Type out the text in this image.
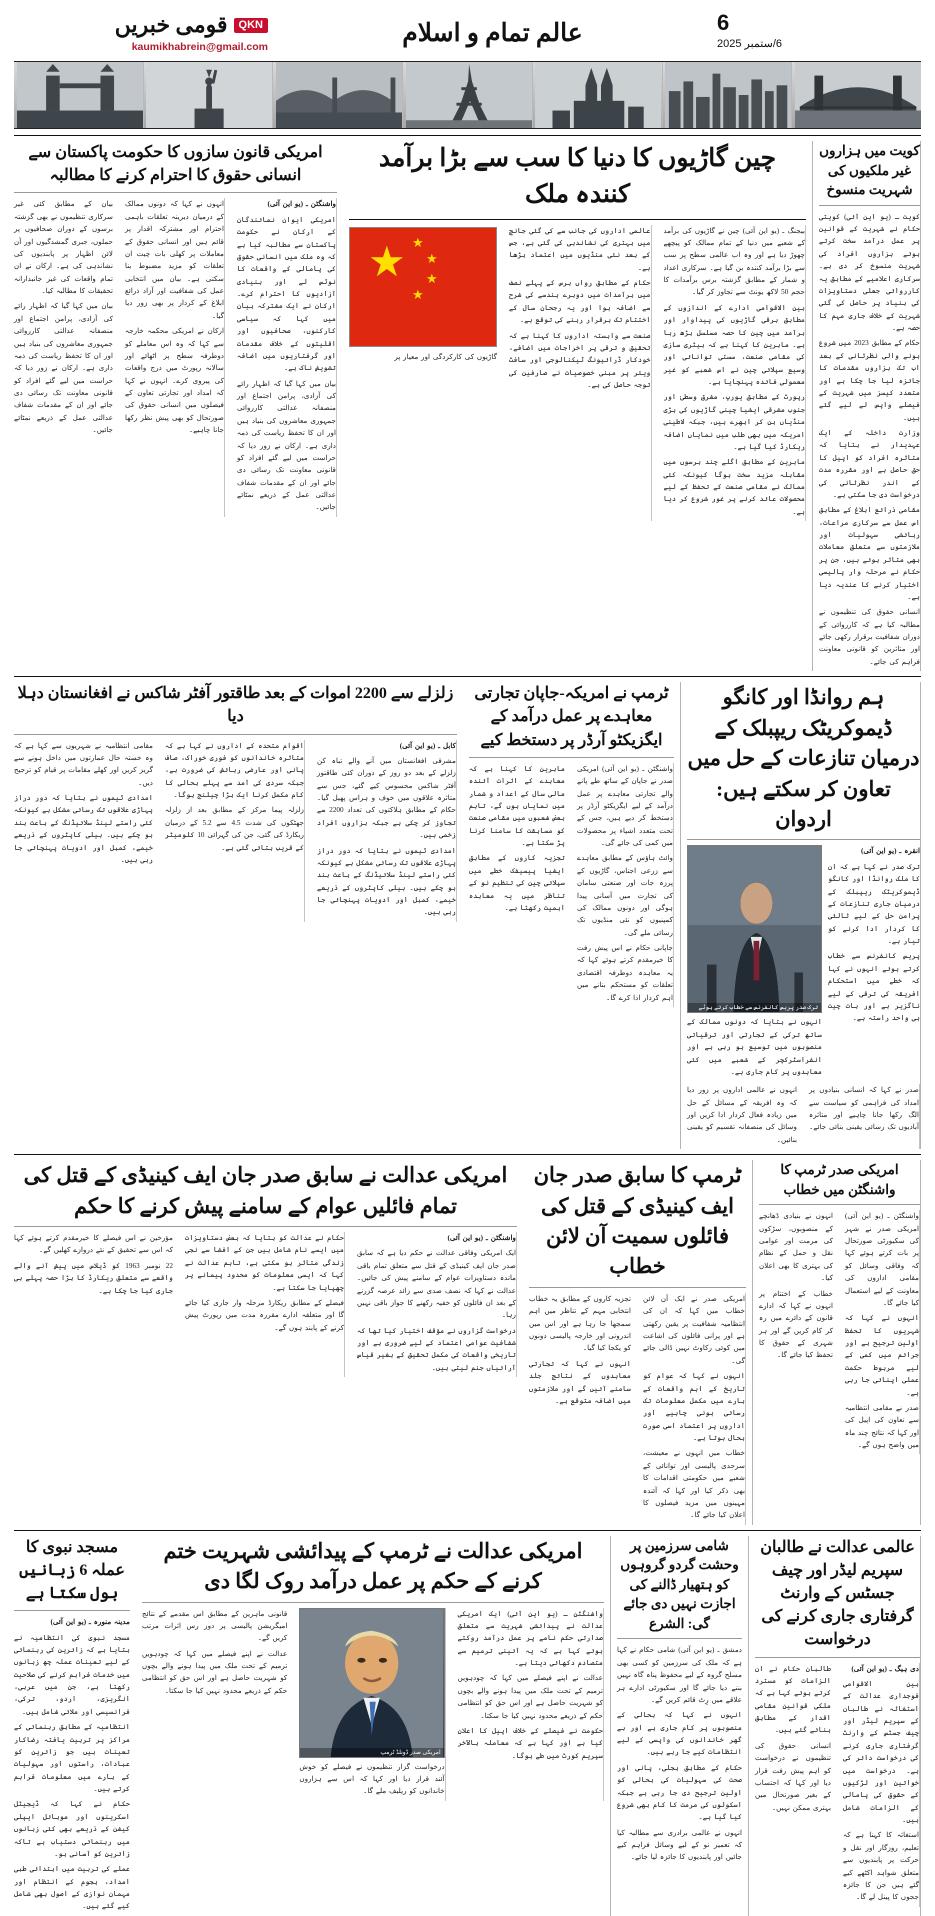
6
6/ستمبر 2025
عالم تمام و اسلام
QKN
قومی خبریں
kaumikhabrein@gmail.com
کویت میں ہزاروں غیر ملکیوں کی شہریت منسوخ

کویت ـ (یو این آئی) کویتی حکام نے شہریت کے قوانین پر عمل درآمد سخت کرتے ہوئے ہزاروں افراد کی شہریت منسوخ کر دی ہے۔ سرکاری اعلامیے کے مطابق یہ کارروائی جعلی دستاویزات کی بنیاد پر حاصل کی گئی شہریت کے خلاف جاری مہم کا حصہ ہے۔

حکام کے مطابق 2023 میں شروع ہونے والی نظرثانی کے بعد اب تک ہزاروں مقدمات کا جائزہ لیا جا چکا ہے اور متعدد کیسز میں شہریت کے فیصلے واپس لے لیے گئے ہیں۔

وزارت داخلہ کے ایک عہدیدار نے بتایا کہ متاثرہ افراد کو اپیل کا حق حاصل ہے اور مقررہ مدت کے اندر نظرثانی کی درخواست دی جا سکتی ہے۔

مقامی ذرائع ابلاغ کے مطابق اس عمل سے سرکاری مراعات، رہائشی سہولیات اور ملازمتوں سے متعلق معاملات بھی متاثر ہوئے ہیں، جن پر حکام نے مرحلہ وار پالیسی اختیار کرنے کا عندیہ دیا ہے۔

انسانی حقوق کی تنظیموں نے مطالبہ کیا ہے کہ کارروائی کے دوران شفافیت برقرار رکھی جائے اور متاثرین کو قانونی معاونت فراہم کی جائے۔

چین گاڑیوں کا دنیا کا سب سے بڑا برآمد کنندہ ملک

بیجنگ ـ (یو این آئی) چین نے گاڑیوں کی برآمد کے شعبے میں دنیا کے تمام ممالک کو پیچھے چھوڑ دیا ہے اور وہ اب عالمی سطح پر سب سے بڑا برآمد کنندہ بن گیا ہے۔ سرکاری اعداد و شمار کے مطابق گزشتہ برس برآمدات کا حجم 50 لاکھ یونٹ سے تجاوز کر گیا۔

بین الاقوامی ادارے کے اندازوں کے مطابق برقی گاڑیوں کی پیداوار اور برآمد میں چین کا حصہ مسلسل بڑھ رہا ہے۔ ماہرین کا کہنا ہے کہ بیٹری سازی کی مقامی صنعت، سستی توانائی اور وسیع سپلائی چین نے اس شعبے کو غیر معمولی فائدہ پہنچایا ہے۔

رپورٹ کے مطابق یورپ، مشرق وسطیٰ اور جنوب مشرقی ایشیا چینی گاڑیوں کی بڑی منڈیاں بن کر ابھرے ہیں، جبکہ لاطینی امریکہ میں بھی طلب میں نمایاں اضافہ ریکارڈ کیا گیا ہے۔

ماہرین کے مطابق اگلے چند برسوں میں مقابلہ مزید سخت ہوگا کیونکہ کئی ممالک نے مقامی صنعت کے تحفظ کے لیے محصولات عائد کرنے پر غور شروع کر دیا ہے۔

عالمی اداروں کی جانب سے کی گئی جانچ میں بہتری کی نشاندہی کی گئی ہے، جس کے بعد نئی منڈیوں میں اعتماد بڑھا ہے۔

حکام کے مطابق رواں برس کے پہلے نصف میں برآمدات میں دوہرے ہندسے کی شرح سے اضافہ ہوا اور یہ رجحان سال کے اختتام تک برقرار رہنے کی توقع ہے۔

صنعت سے وابستہ اداروں کا کہنا ہے کہ تحقیق و ترقی پر اخراجات میں اضافے، خودکار ڈرائیونگ ٹیکنالوجی اور سافٹ ویئر پر مبنی خصوصیات نے صارفین کی توجہ حاصل کی ہے۔

★ ★
★
★
★

گاڑیوں کی کارکردگی اور معیار پر

امریکی قانون سازوں کا حکومت پاکستان سے انسانی حقوق کا احترام کرنے کا مطالبہ

واشنگٹن ـ (یو این آئی)

امریکی ایوان نمائندگان کے ارکان نے حکومت پاکستان سے مطالبہ کیا ہے کہ وہ ملک میں انسانی حقوق کی پامالی کے واقعات کا نوٹس لے اور بنیادی آزادیوں کا احترام کرے۔ ارکان نے ایک مشترکہ بیان میں کہا کہ سیاسی کارکنوں، صحافیوں اور اقلیتوں کے خلاف مقدمات اور گرفتاریوں میں اضافہ تشویش ناک ہے۔

بیان میں کہا گیا کہ اظہار رائے کی آزادی، پرامن اجتماع اور منصفانہ عدالتی کارروائی جمہوری معاشروں کی بنیاد ہیں اور ان کا تحفظ ریاست کی ذمہ داری ہے۔ ارکان نے زور دیا کہ حراست میں لیے گئے افراد کو قانونی معاونت تک رسائی دی جائے اور ان کے مقدمات شفاف عدالتی عمل کے ذریعے نمٹائے جائیں۔

انہوں نے کہا کہ دونوں ممالک کے درمیان دیرینہ تعلقات باہمی احترام اور مشترکہ اقدار پر قائم ہیں اور انسانی حقوق کے معاملات پر کھلی بات چیت ان تعلقات کو مزید مضبوط بنا سکتی ہے۔ بیان میں انتخابی عمل کی شفافیت اور آزاد ذرائع ابلاغ کے کردار پر بھی زور دیا گیا۔

ارکان نے امریکی محکمہ خارجہ سے کہا کہ وہ اس معاملے کو دوطرفہ سطح پر اٹھائے اور سالانہ رپورٹ میں درج واقعات کی پیروی کرے۔ انہوں نے کہا کہ امداد اور تجارتی تعاون کے فیصلوں میں انسانی حقوق کی صورتحال کو بھی پیش نظر رکھا جانا چاہیے۔

بیان کے مطابق کئی غیر سرکاری تنظیموں نے بھی گزشتہ برسوں کے دوران صحافیوں پر حملوں، جبری گمشدگیوں اور آن لائن اظہار پر پابندیوں کی نشاندہی کی ہے۔ ارکان نے ان تمام واقعات کی غیر جانبدارانہ تحقیقات کا مطالبہ کیا۔

بیان میں کہا گیا کہ اظہار رائے کی آزادی، پرامن اجتماع اور منصفانہ عدالتی کارروائی جمہوری معاشروں کی بنیاد ہیں اور ان کا تحفظ ریاست کی ذمہ داری ہے۔ ارکان نے زور دیا کہ حراست میں لیے گئے افراد کو قانونی معاونت تک رسائی دی جائے اور ان کے مقدمات شفاف عدالتی عمل کے ذریعے نمٹائے جائیں۔

ہم روانڈا اور کانگو ڈیموکریٹک ریپبلک کے درمیان تنازعات کے حل میں تعاون کر سکتے ہیں: اردوان

انقرہ ـ (یو این آئی)

ترک صدر نے کہا ہے کہ ان کا ملک روانڈا اور کانگو ڈیموکریٹک ریپبلک کے درمیان جاری تنازعات کے پرامن حل کے لیے ثالثی کا کردار ادا کرنے کو تیار ہے۔

پریس کانفرنس سے خطاب کرتے ہوئے انہوں نے کہا کہ خطے میں استحکام افریقہ کی ترقی کے لیے ناگزیر ہے اور بات چیت ہی واحد راستہ ہے۔

ترک صدر پریس کانفرنس سے خطاب کرتے ہوئے

انہوں نے بتایا کہ دونوں ممالک کے ساتھ ترکی کے تجارتی اور ترقیاتی منصوبوں میں توسیع ہو رہی ہے اور انفراسٹرکچر کے شعبے میں کئی معاہدوں پر کام جاری ہے۔

صدر نے کہا کہ انسانی بنیادوں پر امداد کی فراہمی کو سیاست سے الگ رکھا جانا چاہیے اور متاثرہ آبادیوں تک رسائی یقینی بنائی جائے۔

انہوں نے عالمی اداروں پر زور دیا کہ وہ افریقہ کے مسائل کے حل میں زیادہ فعال کردار ادا کریں اور وسائل کی منصفانہ تقسیم کو یقینی بنائیں۔

ٹرمپ نے امریکہ-جاپان تجارتی معاہدے پر عمل درآمد کے ایگزیکٹو آرڈر پر دستخط کیے

واشنگٹن ـ (یو این آئی) امریکی صدر نے جاپان کے ساتھ طے پانے والے تجارتی معاہدے پر عمل درآمد کے لیے ایگزیکٹو آرڈر پر دستخط کر دیے ہیں، جس کے تحت متعدد اشیاء پر محصولات میں کمی کی جائے گی۔

وائٹ ہاؤس کے مطابق معاہدے سے زرعی اجناس، گاڑیوں کے پرزہ جات اور صنعتی سامان کی تجارت میں آسانی پیدا ہوگی اور دونوں ممالک کی کمپنیوں کو نئی منڈیوں تک رسائی ملے گی۔

جاپانی حکام نے اس پیش رفت کا خیرمقدم کرتے ہوئے کہا کہ یہ معاہدہ دوطرفہ اقتصادی تعلقات کو مستحکم بنانے میں اہم کردار ادا کرے گا۔

ماہرین کا کہنا ہے کہ معاہدے کے اثرات آئندہ مالی سال کے اعداد و شمار میں نمایاں ہوں گے، تاہم بعض شعبوں میں مقامی صنعت کو مسابقت کا سامنا کرنا پڑ سکتا ہے۔

تجزیہ کاروں کے مطابق ایشیا پیسیفک خطے میں سپلائی چین کی تنظیم نو کے تناظر میں یہ معاہدہ اہمیت رکھتا ہے۔

زلزلے سے 2200 اموات کے بعد طاقتور آفٹر شاکس نے افغانستان دہلا دیا

کابل ـ (یو این آئی)

مشرقی افغانستان میں آنے والے تباہ کن زلزلے کے بعد دو روز کے دوران کئی طاقتور آفٹر شاکس محسوس کیے گئے، جس سے متاثرہ علاقوں میں خوف و ہراس پھیل گیا۔ حکام کے مطابق ہلاکتوں کی تعداد 2200 سے تجاوز کر چکی ہے جبکہ ہزاروں افراد زخمی ہیں۔

امدادی ٹیموں نے بتایا کہ دور دراز پہاڑی علاقوں تک رسائی مشکل ہے کیونکہ کئی راستے لینڈ سلائیڈنگ کے باعث بند ہو چکے ہیں۔ ہیلی کاپٹروں کے ذریعے خیمے، کمبل اور ادویات پہنچائی جا رہی ہیں۔

اقوام متحدہ کے اداروں نے کہا ہے کہ متاثرہ خاندانوں کو فوری خوراک، صاف پانی اور عارضی رہائش کی ضرورت ہے، جبکہ سردی کی آمد سے پہلے بحالی کا کام مکمل کرنا ایک بڑا چیلنج ہوگا۔

زلزلہ پیما مرکز کے مطابق بعد از زلزلہ جھٹکوں کی شدت 4.5 سے 5.2 کے درمیان ریکارڈ کی گئی، جن کی گہرائی 10 کلومیٹر کے قریب بتائی گئی ہے۔

مقامی انتظامیہ نے شہریوں سے کہا ہے کہ وہ خستہ حال عمارتوں میں داخل ہونے سے گریز کریں اور کھلے مقامات پر قیام کو ترجیح دیں۔

امدادی ٹیموں نے بتایا کہ دور دراز پہاڑی علاقوں تک رسائی مشکل ہے کیونکہ کئی راستے لینڈ سلائیڈنگ کے باعث بند ہو چکے ہیں۔ ہیلی کاپٹروں کے ذریعے خیمے، کمبل اور ادویات پہنچائی جا رہی ہیں۔

امریکی صدر ٹرمپ کا واشنگٹن میں خطاب

واشنگٹن ـ (یو این آئی) امریکی صدر نے شہر کی سکیورٹی صورتحال پر بات کرتے ہوئے کہا کہ وفاقی وسائل کو مقامی اداروں کی معاونت کے لیے استعمال کیا جائے گا۔

انہوں نے کہا کہ شہریوں کا تحفظ اولین ترجیح ہے اور جرائم میں کمی کے لیے مربوط حکمت عملی اپنائی جا رہی ہے۔

صدر نے مقامی انتظامیہ سے تعاون کی اپیل کی اور کہا کہ نتائج چند ماہ میں واضح ہوں گے۔

انہوں نے بنیادی ڈھانچے کے منصوبوں، سڑکوں کی مرمت اور عوامی نقل و حمل کے نظام کی بہتری کا بھی اعلان کیا۔

خطاب کے اختتام پر انہوں نے کہا کہ ادارے قانون کے دائرے میں رہ کر کام کریں گے اور ہر شہری کے حقوق کا تحفظ کیا جائے گا۔

ٹرمپ کا سابق صدر جان ایف کینیڈی کے قتل کی فائلوں سمیت آن لائن خطاب

امریکی صدر نے ایک آن لائن خطاب میں کہا کہ ان کی انتظامیہ شفافیت پر یقین رکھتی ہے اور پرانی فائلوں کی اشاعت میں کوئی رکاوٹ نہیں ڈالی جائے گی۔

انہوں نے کہا کہ عوام کو تاریخ کے اہم واقعات کے بارے میں مکمل معلومات تک رسائی ہونی چاہیے اور اداروں پر اعتماد اسی صورت بحال ہوتا ہے۔

خطاب میں انہوں نے معیشت، سرحدی پالیسی اور توانائی کے شعبے میں حکومتی اقدامات کا بھی ذکر کیا اور کہا کہ آئندہ مہینوں میں مزید فیصلوں کا اعلان کیا جائے گا۔

تجزیہ کاروں کے مطابق یہ خطاب انتخابی مہم کے تناظر میں اہم سمجھا جا رہا ہے اور اس میں اندرونی اور خارجہ پالیسی دونوں کو یکجا کیا گیا۔

انہوں نے کہا کہ تجارتی معاہدوں کے نتائج جلد سامنے آئیں گے اور ملازمتوں میں اضافہ متوقع ہے۔

امریکی عدالت نے سابق صدر جان ایف کینیڈی کے قتل کی تمام فائلیں عوام کے سامنے پیش کرنے کا حکم

واشنگٹن ـ (یو این آئی)

ایک امریکی وفاقی عدالت نے حکم دیا ہے کہ سابق صدر جان ایف کینیڈی کے قتل سے متعلق تمام باقی ماندہ دستاویزات عوام کے سامنے پیش کی جائیں۔ عدالت نے کہا کہ نصف صدی سے زائد عرصہ گزرنے کے بعد ان فائلوں کو خفیہ رکھنے کا جواز باقی نہیں رہا۔

درخواست گزاروں نے مؤقف اختیار کیا تھا کہ شفافیت عوامی اعتماد کے لیے ضروری ہے اور تاریخی واقعات کی مکمل تحقیق کے بغیر قیاس آرائیاں جنم لیتی ہیں۔

حکام نے عدالت کو بتایا کہ بعض دستاویزات میں ایسے نام شامل ہیں جن کے افشا سے نجی زندگی متاثر ہو سکتی ہے، تاہم عدالت نے کہا کہ ایسی معلومات کو محدود پیمانے پر چھپایا جا سکتا ہے۔

فیصلے کے مطابق ریکارڈ مرحلہ وار جاری کیا جائے گا اور متعلقہ ادارے مقررہ مدت میں رپورٹ پیش کرنے کے پابند ہوں گے۔

مؤرخین نے اس فیصلے کا خیرمقدم کرتے ہوئے کہا کہ اس سے تحقیق کے نئے دروازے کھلیں گے۔

22 نومبر 1963 کو ڈیلاس میں پیش آنے والے واقعے سے متعلق ریکارڈ کا بڑا حصہ پہلے ہی جاری کیا جا چکا ہے۔

عالمی عدالت نے طالبان سپریم لیڈر اور چیف جسٹس کے وارنٹ گرفتاری جاری کرنے کی درخواست

دی ہیگ ـ (یو این آئی)

بین الاقوامی فوجداری عدالت کے استغاثہ نے طالبان کے سپریم لیڈر اور چیف جسٹس کے وارنٹ گرفتاری جاری کرنے کی درخواست دائر کی ہے۔ درخواست میں خواتین اور لڑکیوں کے حقوق کی پامالی کے الزامات شامل ہیں۔

استغاثہ کا کہنا ہے کہ تعلیم، روزگار اور نقل و حرکت پر پابندیوں سے متعلق شواہد اکٹھے کیے گئے ہیں جن کا جائزہ ججوں کا پینل لے گا۔

طالبان حکام نے ان الزامات کو مسترد کرتے ہوئے کہا ہے کہ ملکی قوانین مقامی اقدار کے مطابق بنائے گئے ہیں۔

انسانی حقوق کی تنظیموں نے درخواست کو اہم پیش رفت قرار دیا اور کہا کہ احتساب کے بغیر صورتحال میں بہتری ممکن نہیں۔

شامی سرزمین پر وحشت گردو گروہوں کو ہتھیار ڈالنے کی اجازت نہیں دی جائے گی: الشرع

دمشق ـ (یو این آئی) شامی حکام نے کہا ہے کہ ملک کی سرزمین کو کسی بھی مسلح گروہ کے لیے محفوظ پناہ گاہ نہیں بننے دیا جائے گا اور سکیورٹی ادارے ہر علاقے میں رِٹ قائم کریں گے۔

انہوں نے کہا کہ بحالی کے منصوبوں پر کام جاری ہے اور بے گھر خاندانوں کی واپسی کے لیے انتظامات کیے جا رہے ہیں۔

حکام کے مطابق بجلی، پانی اور صحت کی سہولیات کی بحالی کو اولین ترجیح دی جا رہی ہے جبکہ اسکولوں کی مرمت کا کام بھی شروع کیا گیا ہے۔

انہوں نے عالمی برادری سے مطالبہ کیا کہ تعمیر نو کے لیے وسائل فراہم کیے جائیں اور پابندیوں کا جائزہ لیا جائے۔

امریکی عدالت نے ٹرمپ کے پیدائشی شہریت ختم کرنے کے حکم پر عمل درآمد روک لگا دی

واشنگٹن ـ (یو این آئی) ایک امریکی عدالت نے پیدائشی شہریت سے متعلق صدارتی حکم نامے پر عمل درآمد روکتے ہوئے کہا ہے کہ یہ آئینی ترمیم سے متصادم دکھائی دیتا ہے۔

عدالت نے اپنے فیصلے میں کہا کہ چودہویں ترمیم کے تحت ملک میں پیدا ہونے والے بچوں کو شہریت حاصل ہے اور اس حق کو انتظامی حکم کے ذریعے محدود نہیں کیا جا سکتا۔

حکومت نے فیصلے کے خلاف اپیل کا اعلان کیا ہے اور کہا ہے کہ معاملہ بالآخر سپریم کورٹ میں طے ہوگا۔

امریکی صدر ڈونلڈ ٹرمپ

درخواست گزار تنظیموں نے فیصلے کو خوش آئند قرار دیا اور کہا کہ اس سے ہزاروں خاندانوں کو ریلیف ملے گا۔

قانونی ماہرین کے مطابق اس مقدمے کے نتائج امیگریشن پالیسی پر دور رس اثرات مرتب کریں گے۔

عدالت نے اپنے فیصلے میں کہا کہ چودہویں ترمیم کے تحت ملک میں پیدا ہونے والے بچوں کو شہریت حاصل ہے اور اس حق کو انتظامی حکم کے ذریعے محدود نہیں کیا جا سکتا۔

مسجد نبوی کا عملہ 6 زبانیں بول سکتا ہے

مدینہ منورہ ـ (یو این آئی)

مسجد نبوی کی انتظامیہ نے بتایا ہے کہ زائرین کی رہنمائی کے لیے تعینات عملہ چھ زبانوں میں خدمات فراہم کرنے کی صلاحیت رکھتا ہے، جن میں عربی، انگریزی، اردو، ترکی، فرانسیسی اور ملائی شامل ہیں۔

انتظامیہ کے مطابق رہنمائی کے مراکز پر تربیت یافتہ رضاکار تعینات ہیں جو زائرین کو عبادات، راستوں اور سہولیات کے بارے میں معلومات فراہم کرتے ہیں۔

حکام نے کہا کہ ڈیجیٹل اسکرینوں اور موبائل ایپلی کیشن کے ذریعے بھی کئی زبانوں میں رہنمائی دستیاب ہے تاکہ زائرین کو آسانی ہو۔

عملے کی تربیت میں ابتدائی طبی امداد، ہجوم کے انتظام اور مہمان نوازی کے اصول بھی شامل کیے گئے ہیں۔
